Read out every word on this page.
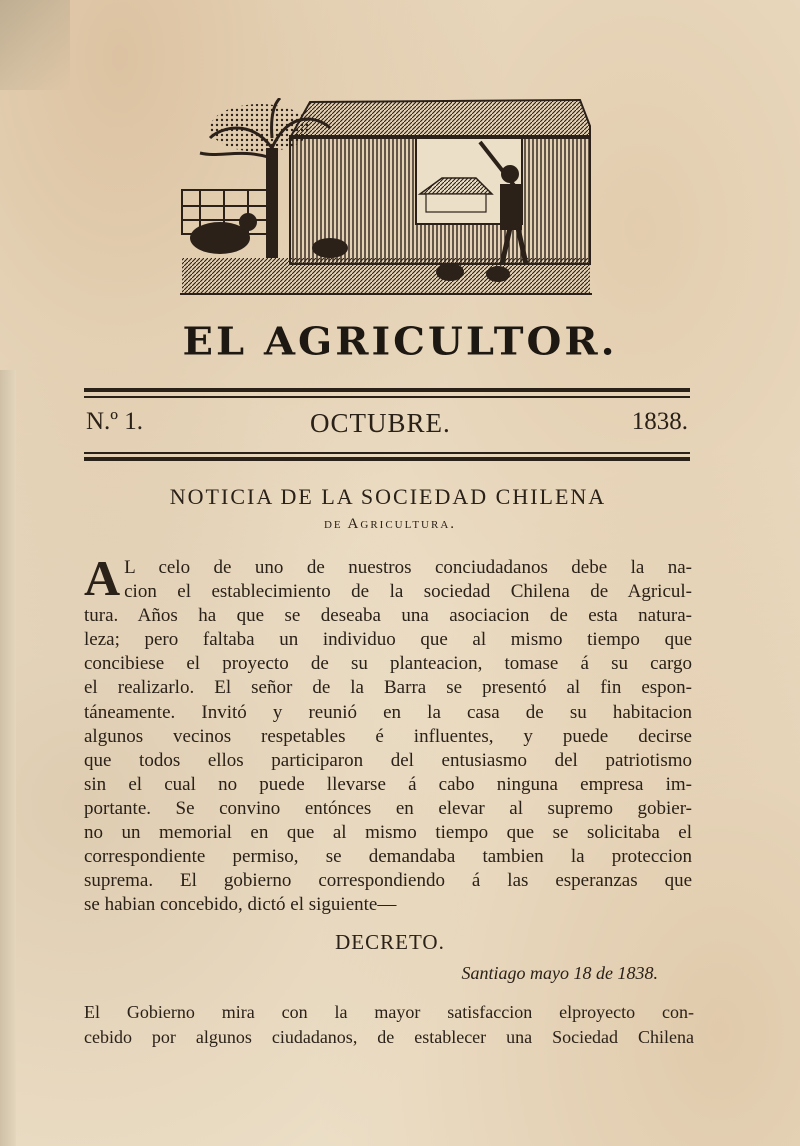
EL AGRICULTOR.
N.º 1.	OCTUBRE.	1838.
NOTICIA DE LA SOCIEDAD CHILENA
de Agricultura.
A L celo de uno de nuestros conciudadanos debe la na-
cion el establecimiento de la sociedad Chilena de Agricul-
tura. Años ha que se deseaba una asociacion de esta natura-
leza; pero faltaba un individuo que al mismo tiempo que
concibiese el proyecto de su planteacion, tomase á su cargo
el realizarlo. El señor de la Barra se presentó al fin espon-
táneamente. Invitó y reunió en la casa de su habitacion
algunos vecinos respetables é influentes, y puede decirse
que todos ellos participaron del entusiasmo del patriotismo
sin el cual no puede llevarse á cabo ninguna empresa im-
portante. Se convino entónces en elevar al supremo gobier-
no un memorial en que al mismo tiempo que se solicitaba el
correspondiente permiso, se demandaba tambien la proteccion
suprema. El gobierno correspondiendo á las esperanzas que
se habian concebido, dictó el siguiente—
DECRETO.
Santiago mayo 18 de 1838.
El Gobierno mira con la mayor satisfaccion elproyecto con-
cebido por algunos ciudadanos, de establecer una Sociedad Chilena
